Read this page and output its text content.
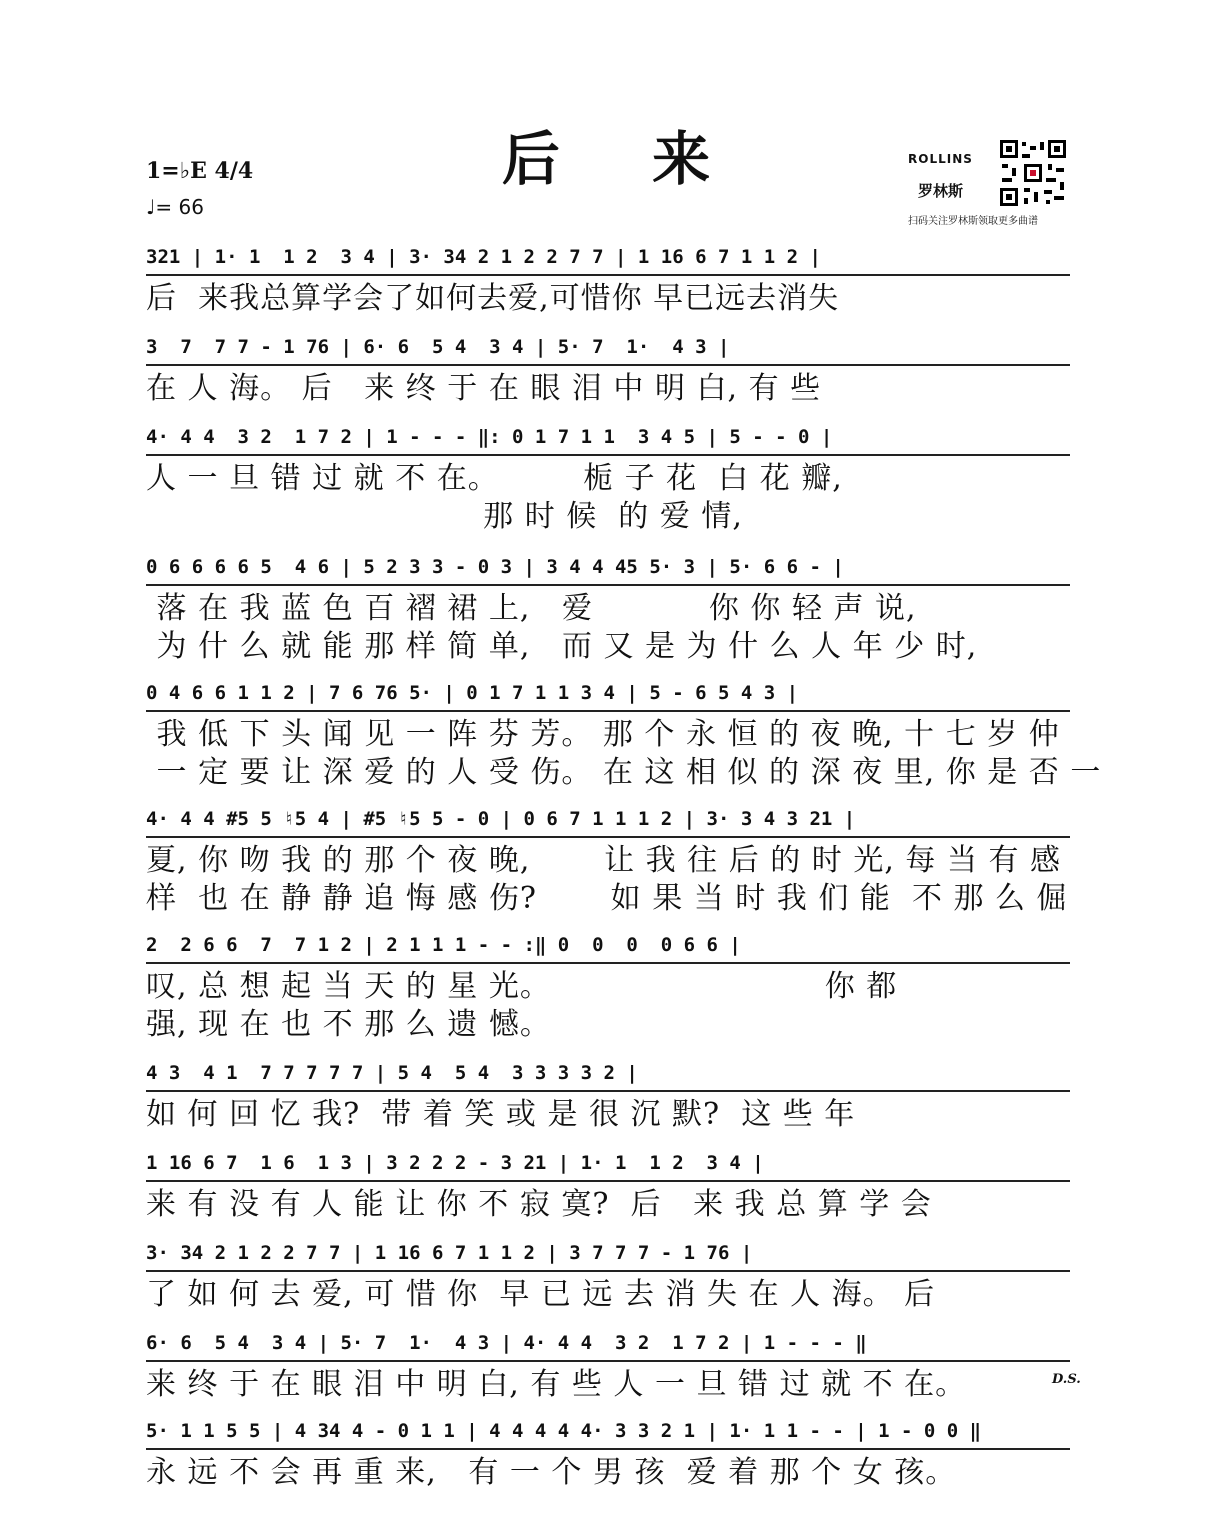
后 来
1=♭E 4/4
♩= 66
ROLLINS
罗林斯
扫码关注罗林斯领取更多曲谱
321 | 1· 1  1 2  3 4 | 3· 34 2 1 2 2 7 7 | 1 16 6 7 1 1 2 |
后  来我总算学会了如何去爱,可惜你 早已远去消失
3  7  7 7 - 1 76 | 6· 6  5 4  3 4 | 5· 7  1·  4 3 |
在 人 海。 后   来 终 于 在 眼 泪 中 明 白, 有 些
4· 4 4  3 2  1 7 2 | 1 - - - ‖: 0 1 7 1 1  3 4 5 | 5 - - 0 |
人 一 旦 错 过 就 不 在。        栀 子 花  白 花 瓣,
那 时 候  的 爱 情,
0 6 6 6 6 5  4 6 | 5 2 3 3 - 0 3 | 3 4 4 45 5· 3 | 5· 6 6 - |
落 在 我 蓝 色 百 褶 裙 上,   爱           你 你 轻 声 说,
为 什 么 就 能 那 样 简 单,   而 又 是 为 什 么 人 年 少 时,
0 4 6 6 1 1 2 | 7 6 76 5· | 0 1 7 1 1 3 4 | 5 - 6 5 4 3 |
我 低 下 头 闻 见 一 阵 芬 芳。 那 个 永 恒 的 夜 晚, 十 七 岁 仲
一 定 要 让 深 爱 的 人 受 伤。 在 这 相 似 的 深 夜 里, 你 是 否 一
4· 4 4 #5 5 ♮5 4 | #5 ♮5 5 - 0 | 0 6 7 1 1 1 2 | 3· 3 4 3 21 |
夏, 你 吻 我 的 那 个 夜 晚,       让 我 往 后 的 时 光, 每 当 有 感
样  也 在 静 静 追 悔 感 伤?       如 果 当 时 我 们 能  不 那 么 倔
2  2 6 6  7  7 1 2 | 2 1 1 1 - - :‖ 0  0  0  0 6 6 |
叹, 总 想 起 当 天 的 星 光。                          你 都
强, 现 在 也 不 那 么 遗 憾。
4 3  4 1  7 7 7 7 7 | 5 4  5 4  3 3 3 3 2 |
如 何 回 忆 我?  带 着 笑 或 是 很 沉 默?  这 些 年
1 16 6 7  1 6  1 3 | 3 2 2 2 - 3 21 | 1· 1  1 2  3 4 |
来 有 没 有 人 能 让 你 不 寂 寞?  后   来 我 总 算 学 会
3· 34 2 1 2 2 7 7 | 1 16 6 7 1 1 2 | 3 7 7 7 - 1 76 |
了 如 何 去 爱, 可 惜 你  早 已 远 去 消 失 在 人 海。 后
6· 6  5 4  3 4 | 5· 7  1·  4 3 | 4· 4 4  3 2  1 7 2 | 1 - - - ‖
来 终 于 在 眼 泪 中 明 白, 有 些 人 一 旦 错 过 就 不 在。	D.S.
5· 1 1 5 5 | 4 34 4 - 0 1 1 | 4 4 4 4 4· 3 3 2 1 | 1· 1 1 - - | 1 - 0 0 ‖
永 远 不 会 再 重 来,   有 一 个 男 孩  爱 着 那 个 女 孩。
